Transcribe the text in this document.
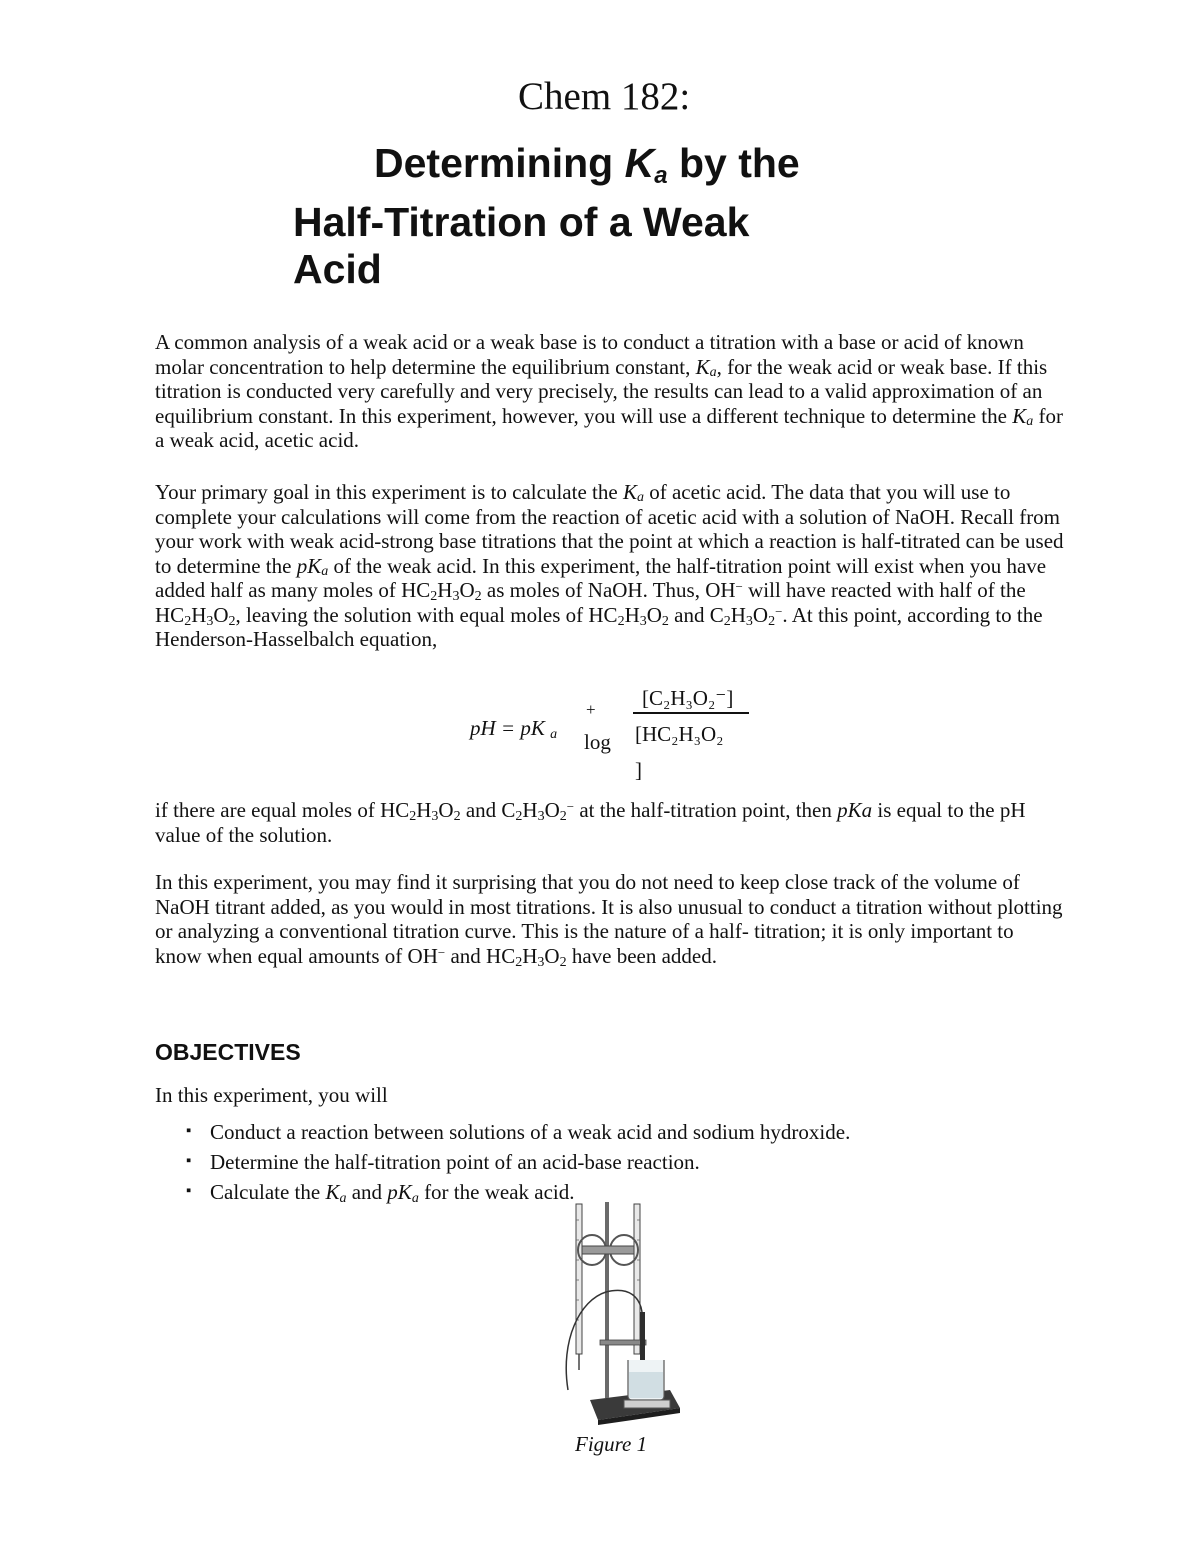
Chem 182:
Determining $K_a$ by the
Half-Titration of a Weak
Acid
A common analysis of a weak acid or a weak base is to conduct a titration with a base or acid of known molar concentration to help determine the equilibrium constant, Ka, for the weak acid or weak base. If this titration is conducted very carefully and very precisely, the results can lead to a valid approximation of an equilibrium constant. In this experiment, however, you will use a different technique to determine the Ka for a weak acid, acetic acid.
Your primary goal in this experiment is to calculate the Ka of acetic acid. The data that you will use to complete your calculations will come from the reaction of acetic acid with a solution of NaOH. Recall from your work with weak acid-strong base titrations that the point at which a reaction is half-titrated can be used to determine the pKa of the weak acid. In this experiment, the half-titration point will exist when you have added half as many moles of $HC_2H_3O_2$ as moles of NaOH. Thus, OH− will have reacted with half of the $HC_2H_3O_2$, leaving the solution with equal moles of $HC_2H_3O_2$ and $C_2H_3O_2^-$. At this point, according to the Henderson-Hasselbalch equation,
pH = pK a
+
log
[C₂H₃O₂⁻]
[HC₂H₃O₂
]
if there are equal moles of $HC_2H_3O_2$ and $C_2H_3O_2^-$ at the half-titration point, then pKa is equal to the pH value of the solution.
In this experiment, you may find it surprising that you do not need to keep close track of the volume of NaOH titrant added, as you would in most titrations. It is also unusual to conduct a titration without plotting or analyzing a conventional titration curve. This is the nature of a half- titration; it is only important to know when equal amounts of OH− and $HC_2H_3O_2$ have been added.
OBJECTIVES
In this experiment, you will
▪ Conduct a reaction between solutions of a weak acid and sodium hydroxide.
▪ Determine the half-titration point of an acid-base reaction.
▪ Calculate the Ka and pKa for the weak acid.
Figure 1
